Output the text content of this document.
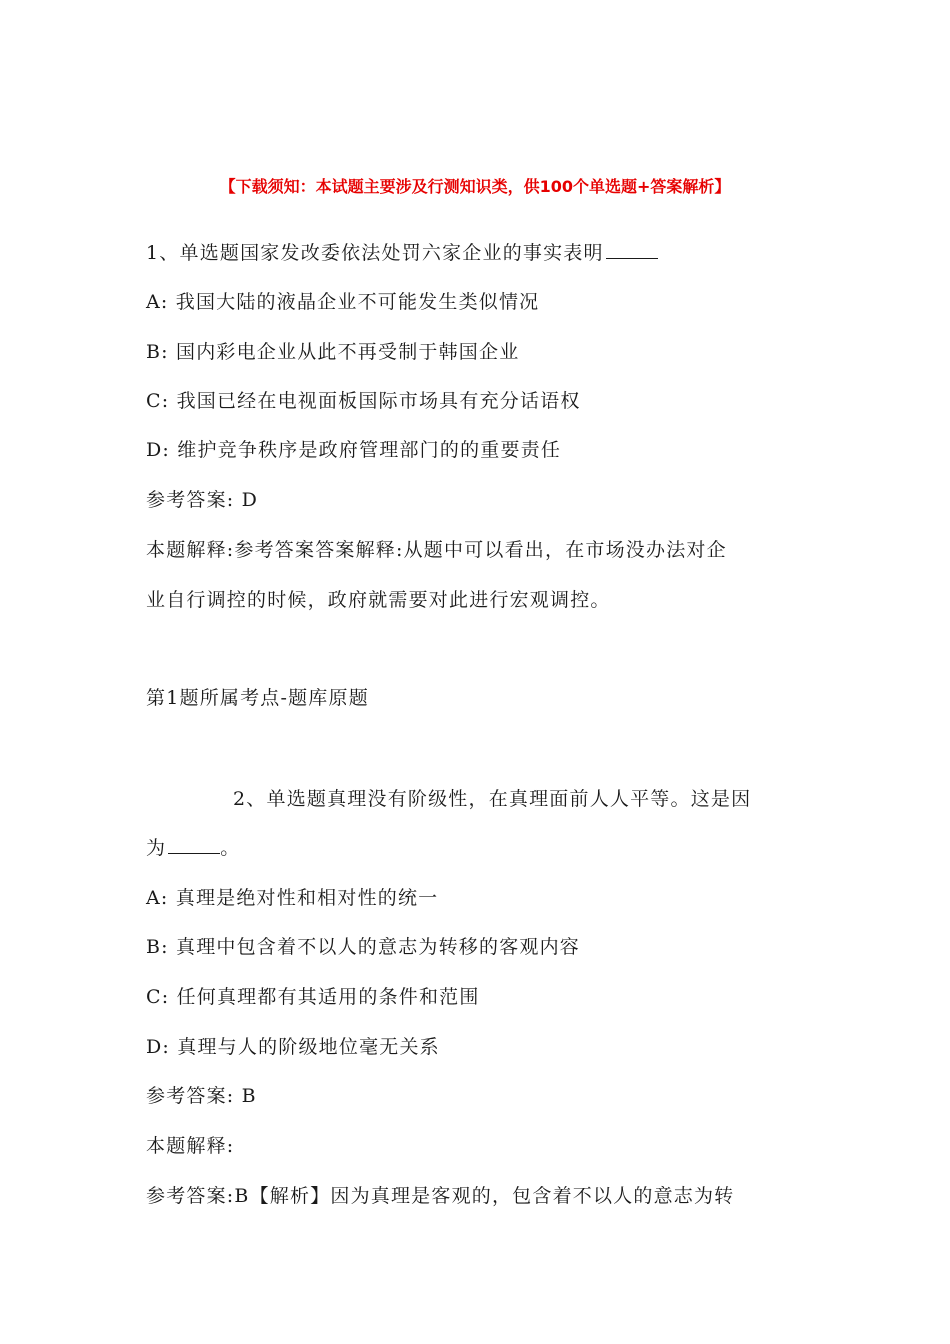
【下载须知：本试题主要涉及行测知识类，供100个单选题+答案解析】
1、单选题国家发改委依法处罚六家企业的事实表明
A: 我国大陆的液晶企业不可能发生类似情况
B: 国内彩电企业从此不再受制于韩国企业
C: 我国已经在电视面板国际市场具有充分话语权
D: 维护竞争秩序是政府管理部门的的重要责任
参考答案: D
本题解释:参考答案答案解释:从题中可以看出，在市场没办法对企
业自行调控的时候，政府就需要对此进行宏观调控。
第1题所属考点-题库原题
2、单选题真理没有阶级性，在真理面前人人平等。这是因
为	。
A: 真理是绝对性和相对性的统一
B: 真理中包含着不以人的意志为转移的客观内容
C: 任何真理都有其适用的条件和范围
D: 真理与人的阶级地位毫无关系
参考答案: B
本题解释:
参考答案:B【解析】因为真理是客观的，包含着不以人的意志为转
